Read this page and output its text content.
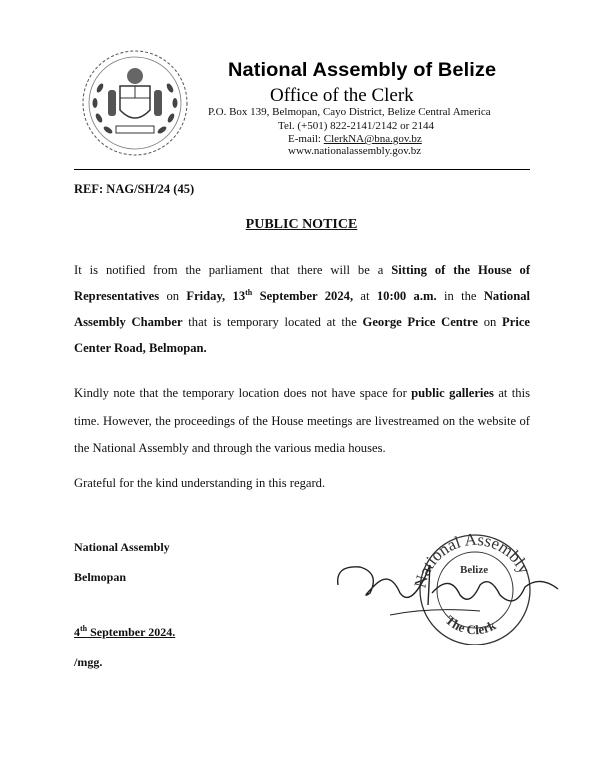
National Assembly of Belize
Office of the Clerk
P.O. Box 139, Belmopan, Cayo District, Belize Central America
Tel. (+501) 822-2141/2142 or 2144
E-mail: ClerkNA@bna.gov.bz
www.nationalassembly.gov.bz
REF: NAG/SH/24 (45)
PUBLIC NOTICE
It is notified from the parliament that there will be a Sitting of the House of Representatives on Friday, 13th September 2024, at 10:00 a.m. in the National Assembly Chamber that is temporary located at the George Price Centre on Price Center Road, Belmopan.
Kindly note that the temporary location does not have space for public galleries at this time. However, the proceedings of the House meetings are livestreamed on the website of the National Assembly and through the various media houses.
Grateful for the kind understanding in this regard.
National Assembly
Belmopan
4th September 2024.
/mgg.
National Assembly
Belize
The Clerk
